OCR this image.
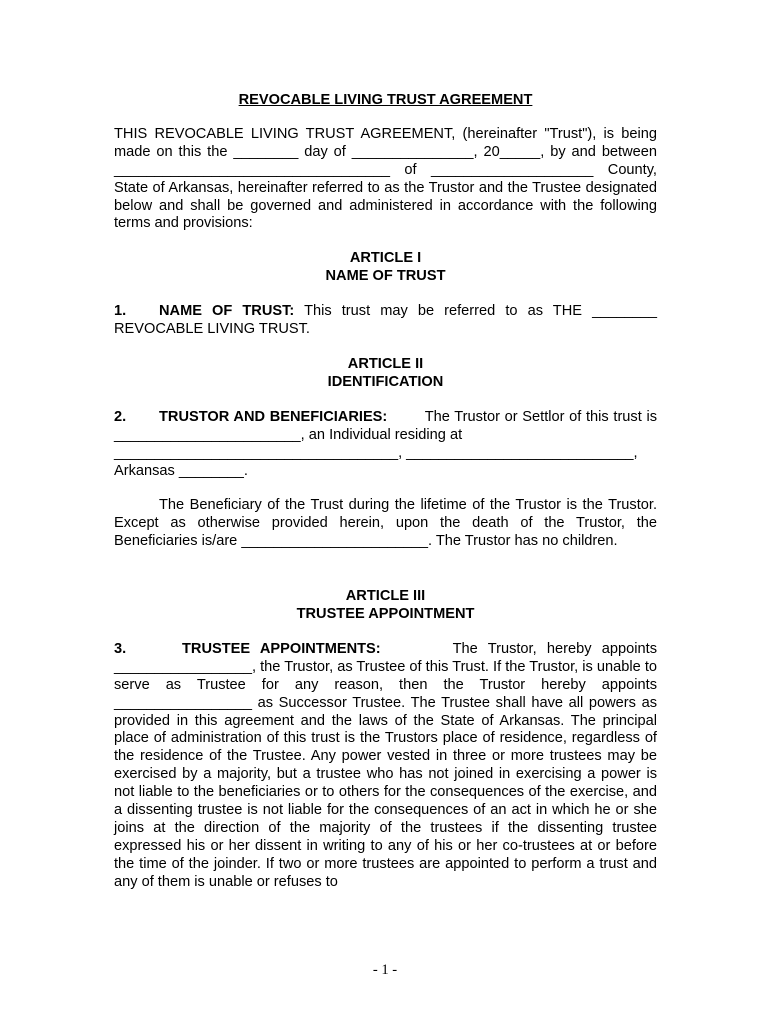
REVOCABLE LIVING TRUST AGREEMENT

THIS REVOCABLE LIVING TRUST AGREEMENT, (hereinafter "Trust"), is being made on this the ________ day of _______________, 20_____, by and between __________________________________ of ____________________ County, State of Arkansas, hereinafter referred to as the Trustor and the Trustee designated below and shall be governed and administered in accordance with the following terms and provisions:

ARTICLE I
NAME OF TRUST

1. NAME OF TRUST: This trust may be referred to as THE ________ REVOCABLE LIVING TRUST.

ARTICLE II
IDENTIFICATION

2. TRUSTOR AND BENEFICIARIES:	The Trustor or Settlor of this trust is _______________________, an Individual residing at

___________________________________, ____________________________,

Arkansas ________.

The Beneficiary of the Trust during the lifetime of the Trustor is the Trustor. Except as otherwise provided herein, upon the death of the Trustor, the Beneficiaries is/are _______________________. The Trustor has no children.

ARTICLE III
TRUSTEE APPOINTMENT

3.	TRUSTEE APPOINTMENTS:	The Trustor, hereby appoints _________________, the Trustor, as Trustee of this Trust. If the Trustor, is unable to serve as Trustee for any reason, then the Trustor hereby appoints _________________ as Successor Trustee. The Trustee shall have all powers as provided in this agreement and the laws of the State of Arkansas. The principal place of administration of this trust is the Trustors place of residence, regardless of the residence of the Trustee. Any power vested in three or more trustees may be exercised by a majority, but a trustee who has not joined in exercising a power is not liable to the beneficiaries or to others for the consequences of the exercise, and a dissenting trustee is not liable for the consequences of an act in which he or she joins at the direction of the majority of the trustees if the dissenting trustee expressed his or her dissent in writing to any of his or her co-trustees at or before the time of the joinder. If two or more trustees are appointed to perform a trust and any of them is unable or refuses to

- 1 -
